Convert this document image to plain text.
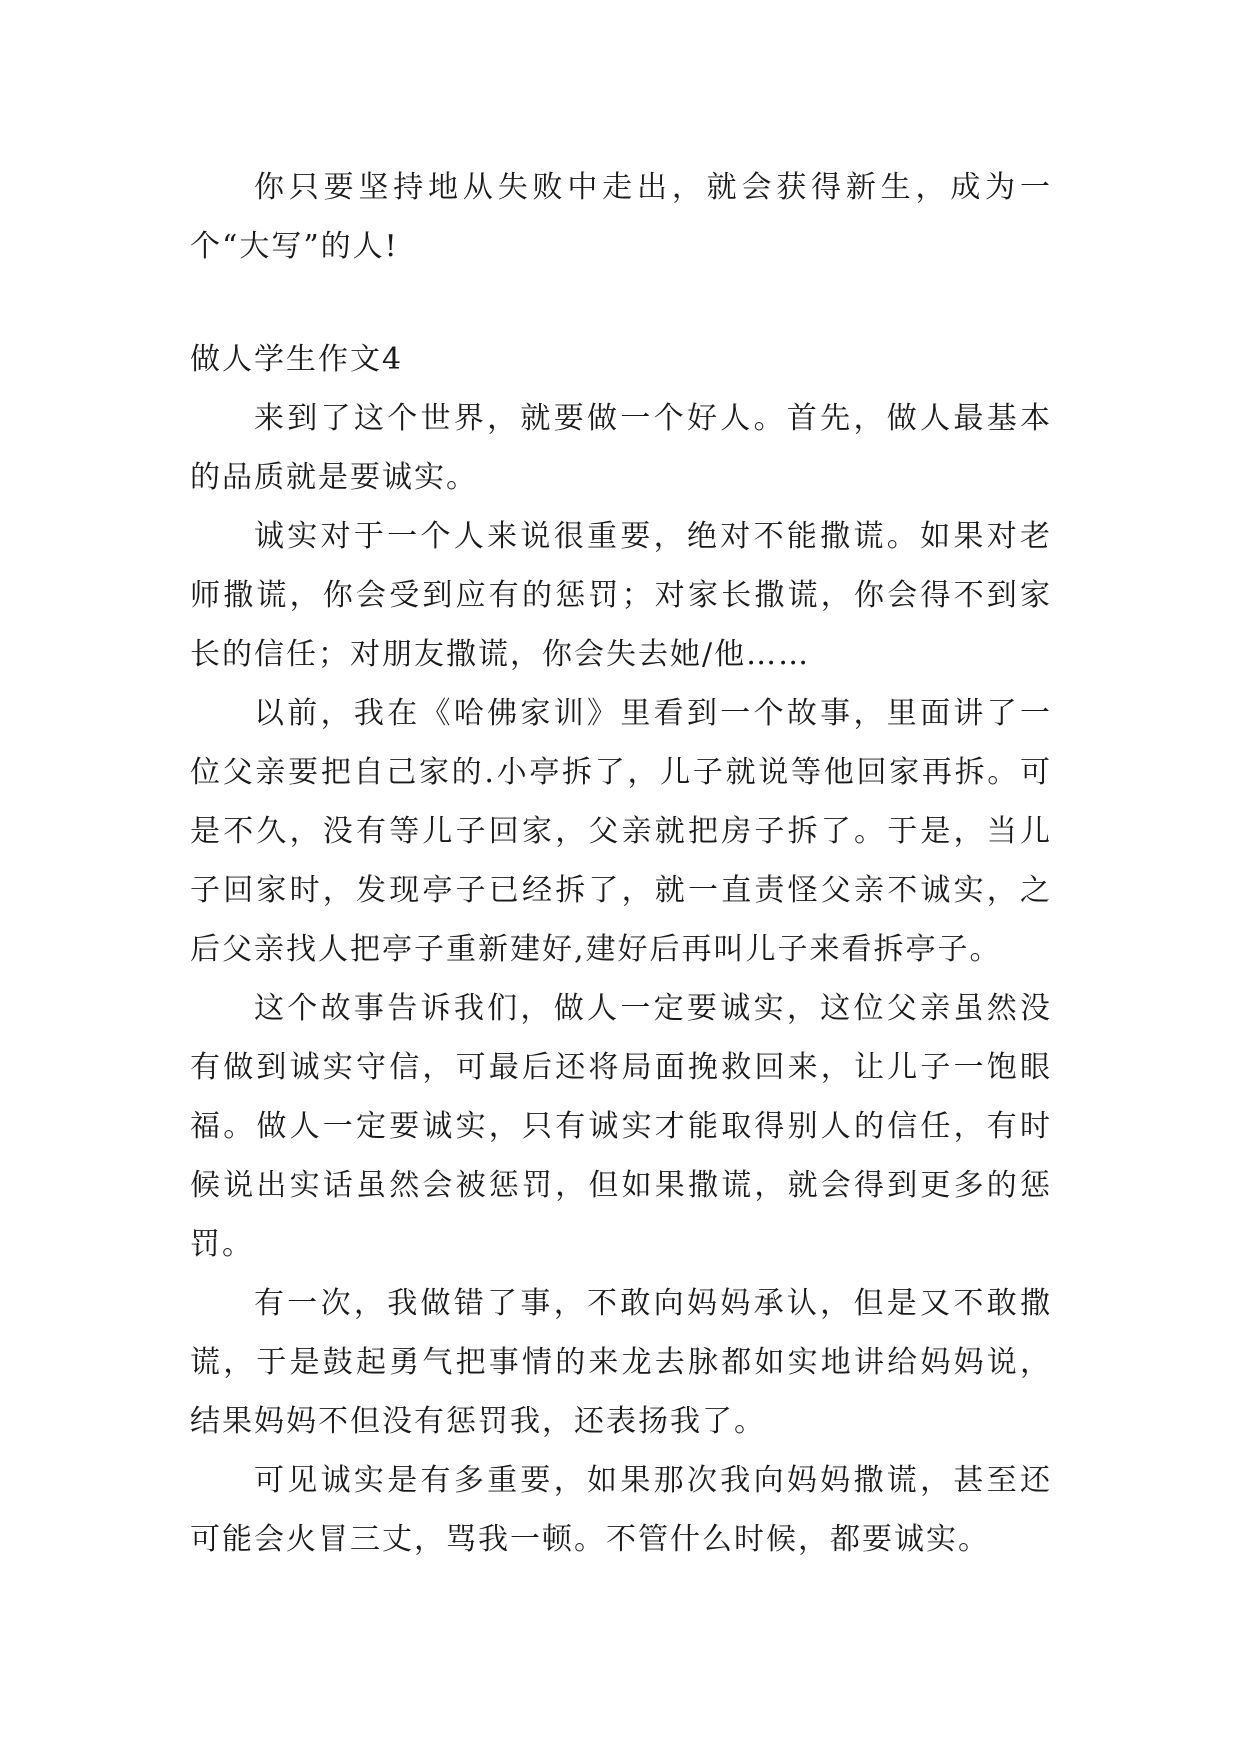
你只要坚持地从失败中走出，就会获得新生，成为一个“大写”的人!

做人学生作文4

来到了这个世界，就要做一个好人。首先，做人最基本的品质就是要诚实。

诚实对于一个人来说很重要，绝对不能撒谎。如果对老师撒谎，你会受到应有的惩罚；对家长撒谎，你会得不到家长的信任；对朋友撒谎，你会失去她/他……

以前，我在《哈佛家训》里看到一个故事，里面讲了一位父亲要把自己家的.小亭拆了，儿子就说等他回家再拆。可是不久，没有等儿子回家，父亲就把房子拆了。于是，当儿子回家时，发现亭子已经拆了，就一直责怪父亲不诚实，之后父亲找人把亭子重新建好,建好后再叫儿子来看拆亭子。

这个故事告诉我们，做人一定要诚实，这位父亲虽然没有做到诚实守信，可最后还将局面挽救回来，让儿子一饱眼福。做人一定要诚实，只有诚实才能取得别人的信任，有时候说出实话虽然会被惩罚，但如果撒谎，就会得到更多的惩罚。

有一次，我做错了事，不敢向妈妈承认，但是又不敢撒谎，于是鼓起勇气把事情的来龙去脉都如实地讲给妈妈说，结果妈妈不但没有惩罚我，还表扬我了。

可见诚实是有多重要，如果那次我向妈妈撒谎，甚至还可能会火冒三丈，骂我一顿。不管什么时候，都要诚实。
